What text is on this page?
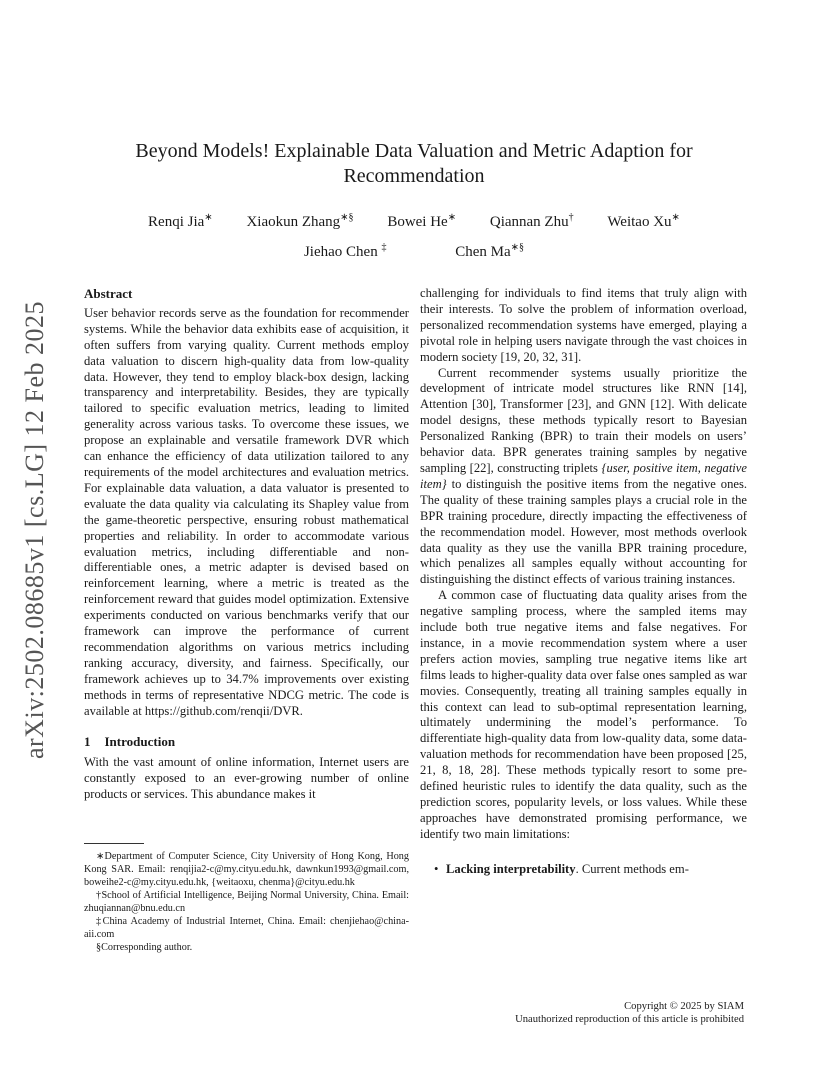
arXiv:2502.08685v1 [cs.LG] 12 Feb 2025
Beyond Models! Explainable Data Valuation and Metric Adaption for Recommendation
Renqi Jia∗ Xiaokun Zhang∗§ Bowei He∗ Qiannan Zhu† Weitao Xu∗
Jiehao Chen ‡	Chen Ma∗§
Abstract

User behavior records serve as the foundation for recommender systems. While the behavior data exhibits ease of acquisition, it often suffers from varying quality. Current methods employ data valuation to discern high-quality data from low-quality data. However, they tend to employ black-box design, lacking transparency and interpretability. Besides, they are typically tailored to specific evaluation metrics, leading to limited generality across various tasks. To overcome these issues, we propose an explainable and versatile framework DVR which can enhance the efficiency of data utilization tailored to any requirements of the model architectures and evaluation metrics. For explainable data valuation, a data valuator is presented to evaluate the data quality via calculating its Shapley value from the game-theoretic perspective, ensuring robust mathematical properties and reliability. In order to accommodate various evaluation metrics, including differentiable and non-differentiable ones, a metric adapter is devised based on reinforcement learning, where a metric is treated as the reinforcement reward that guides model optimization. Extensive experiments conducted on various benchmarks verify that our framework can improve the performance of current recommendation algorithms on various metrics including ranking accuracy, diversity, and fairness. Specifically, our framework achieves up to 34.7% improvements over existing methods in terms of representative NDCG metric. The code is available at https://github.com/renqii/DVR.

1 Introduction

With the vast amount of online information, Internet users are constantly exposed to an ever-growing number of online products or services. This abundance makes it

∗Department of Computer Science, City University of Hong Kong, Hong Kong SAR. Email: renqijia2-c@my.cityu.edu.hk, dawnkun1993@gmail.com, boweihe2-c@my.cityu.edu.hk, {weitaoxu, chenma}@cityu.edu.hk

†School of Artificial Intelligence, Beijing Normal University, China. Email: zhuqiannan@bnu.edu.cn

‡China Academy of Industrial Internet, China. Email: chenjiehao@china-aii.com

§Corresponding author.

challenging for individuals to find items that truly align with their interests. To solve the problem of information overload, personalized recommendation systems have emerged, playing a pivotal role in helping users navigate through the vast choices in modern society [19, 20, 32, 31].

Current recommender systems usually prioritize the development of intricate model structures like RNN [14], Attention [30], Transformer [23], and GNN [12]. With delicate model designs, these methods typically resort to Bayesian Personalized Ranking (BPR) to train their models on users’ behavior data. BPR generates training samples by negative sampling [22], constructing triplets {user, positive item, negative item} to distinguish the positive items from the negative ones. The quality of these training samples plays a crucial role in the BPR training procedure, directly impacting the effectiveness of the recommendation model. However, most methods overlook data quality as they use the vanilla BPR training procedure, which penalizes all samples equally without accounting for distinguishing the distinct effects of various training instances.

A common case of fluctuating data quality arises from the negative sampling process, where the sampled items may include both true negative items and false negatives. For instance, in a movie recommendation system where a user prefers action movies, sampling true negative items like art films leads to higher-quality data over false ones sampled as war movies. Consequently, treating all training samples equally in this context can lead to sub-optimal representation learning, ultimately undermining the model’s performance. To differentiate high-quality data from low-quality data, some data-valuation methods for recommendation have been proposed [25, 21, 8, 18, 28]. These methods typically resort to some pre-defined heuristic rules to identify the data quality, such as the prediction scores, popularity levels, or loss values. While these approaches have demonstrated promising performance, we identify two main limitations:

• Lacking interpretability. Current methods em-
Copyright © 2025 by SIAM
Unauthorized reproduction of this article is prohibited
